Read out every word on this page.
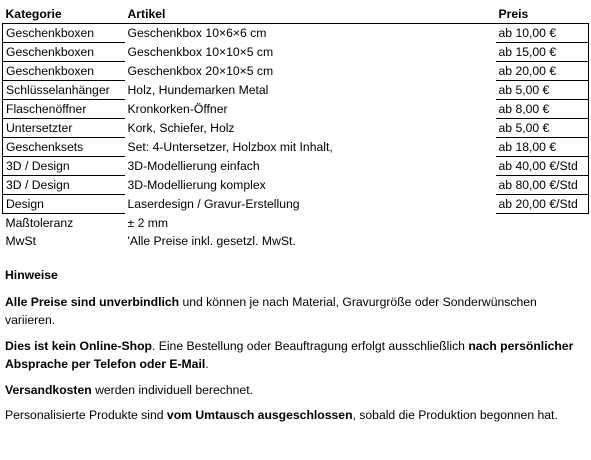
Kategorie	Artikel	Preis
Geschenkboxen	Geschenkbox 10×6×6 cm	ab 10,00 €
Geschenkboxen	Geschenkbox 10×10×5 cm	ab 15,00 €
Geschenkboxen	Geschenkbox 20×10×5 cm	ab 20,00 €
Schlüsselanhänger	Holz, Hundemarken Metal	ab 5,00 €
Flaschenöffner	Kronkorken-Öffner	ab 8,00 €
Untersetzter	Kork, Schiefer, Holz	ab 5,00 €
Geschenksets	Set: 4-Untersetzer, Holzbox mit Inhalt,	ab 18,00 €
3D / Design	3D-Modellierung einfach	ab 40,00 €/Std
3D / Design	3D-Modellierung komplex	ab 80,00 €/Std
Design	Laserdesign / Gravur-Erstellung	ab 20,00 €/Std
Maßtoleranz	± 2 mm	
MwSt	'Alle Preise inkl. gesetzl. MwSt.	
Hinweise

Alle Preise sind unverbindlich und können je nach Material, Gravurgröße oder Sonderwünschen variieren.

Dies ist kein Online-Shop. Eine Bestellung oder Beauftragung erfolgt ausschließlich nach persönlicher Absprache per Telefon oder E-Mail.

Versandkosten werden individuell berechnet.

Personalisierte Produkte sind vom Umtausch ausgeschlossen, sobald die Produktion begonnen hat.
